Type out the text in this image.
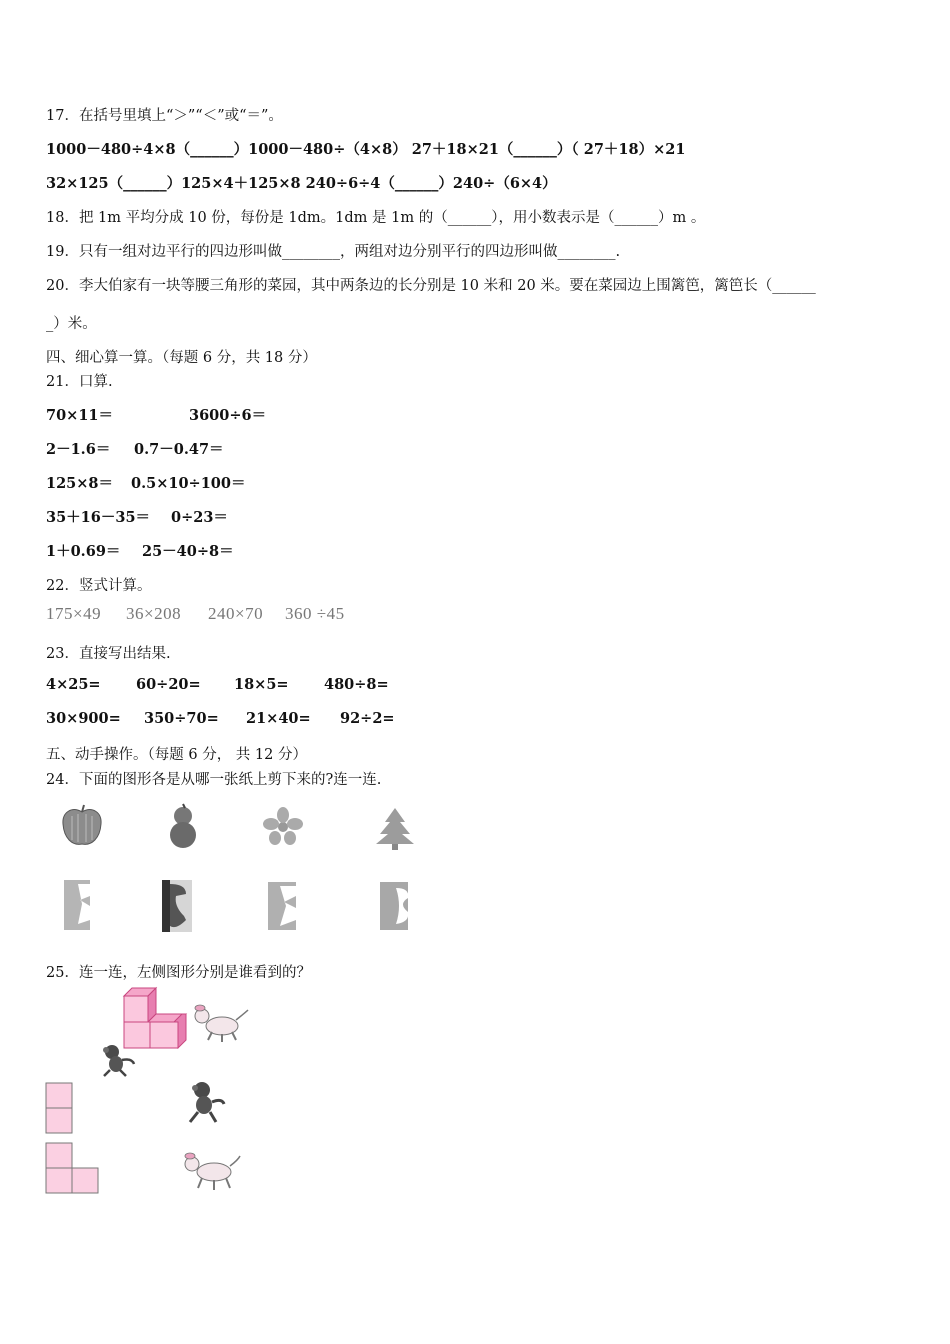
17．在括号里填上“＞”“＜”或“＝”。
1000－480÷4×8（______）1000－480÷（4×8） 27＋18×21（______）（ 27＋18）×21
32×125（______）125×4＋125×8 240÷6÷4（______）240÷（6×4）
18．把 1m 平均分成 10 份，每份是 1dm。1dm 是 1m 的（______），用小数表示是（______）m 。
19．只有一组对边平行的四边形叫做________，两组对边分别平行的四边形叫做________.
20．李大伯家有一块等腰三角形的菜园，其中两条边的长分别是 10 米和 20 米。要在菜园边上围篱笆，篱笆长（______
_）米。
四、细心算一算。（每题 6 分，共 18 分）
21．口算.
70×11＝	3600÷6＝
2－1.6＝ 0.7－0.47＝
125×8＝ 0.5×10÷100＝
35＋16－35＝ 0÷23＝
1＋0.69＝ 25－40÷8＝
22．竖式计算。
175×49 36×208 240×70 360 ÷45
23．直接写出结果.
4×25= 60÷20= 18×5= 480÷8=
30×900= 350÷70= 21×40= 92÷2=
五、动手操作。（每题 6 分， 共 12 分）
24．下面的图形各是从哪一张纸上剪下来的?连一连.
25．连一连，左侧图形分别是谁看到的？
